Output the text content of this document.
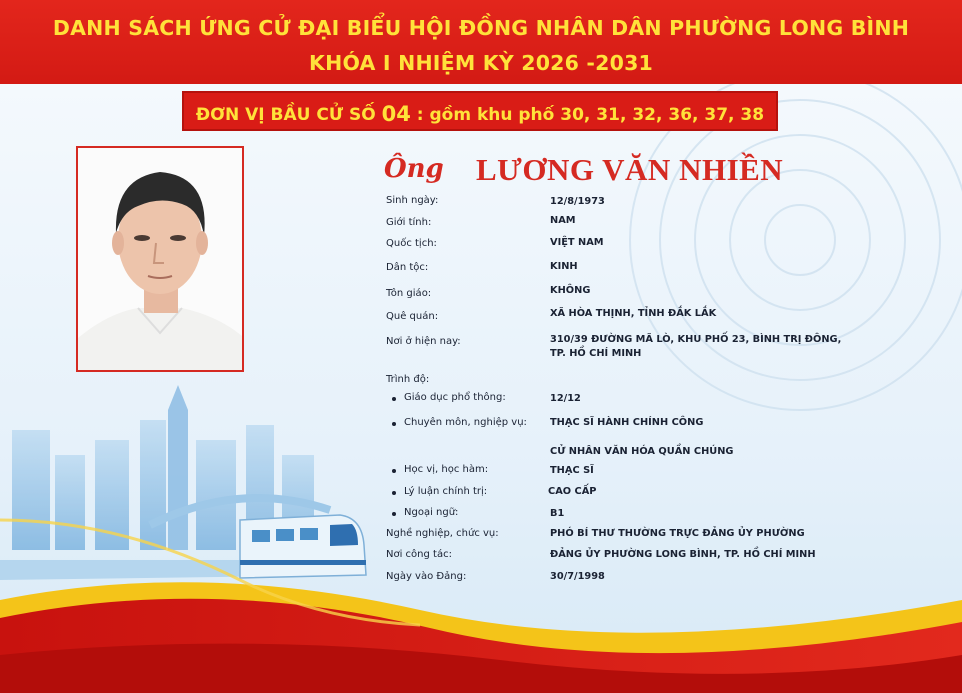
DANH SÁCH ỨNG CỬ ĐẠI BIỂU HỘI ĐỒNG NHÂN DÂN PHƯỜNG LONG BÌNH
KHÓA I NHIỆM KỲ 2026 -2031
ĐƠN VỊ BẦU CỬ SỐ 04 : gồm khu phố 30, 31, 32, 36, 37, 38
Ông LƯƠNG VĂN NHIỀN
Sinh ngày:	12/8/1973
Giới tính:	NAM
Quốc tịch:	VIỆT NAM
Dân tộc:	KINH
Tôn giáo:	KHÔNG
Quê quán:	XÃ HÒA THỊNH, TỈNH ĐẮK LẮK
Nơi ở hiện nay:	310/39 ĐƯỜNG MÃ LÒ, KHU PHỐ 23, BÌNH TRỊ ĐÔNG,
TP. HỒ CHÍ MINH
Trình độ:
Giáo dục phổ thông:	12/12
Chuyên môn, nghiệp vụ: THẠC SĨ HÀNH CHÍNH CÔNG
CỬ NHÂN VĂN HÓA QUẦN CHÚNG
Học vị, học hàm:	THẠC SĨ
Lý luận chính trị:	CAO CẤP
Ngoại ngữ:	B1
Nghề nghiệp, chức vụ:	PHÓ BÍ THƯ THƯỜNG TRỰC ĐẢNG ỦY PHƯỜNG
Nơi công tác:	ĐẢNG ỦY PHƯỜNG LONG BÌNH, TP. HỒ CHÍ MINH
Ngày vào Đảng:	30/7/1998
